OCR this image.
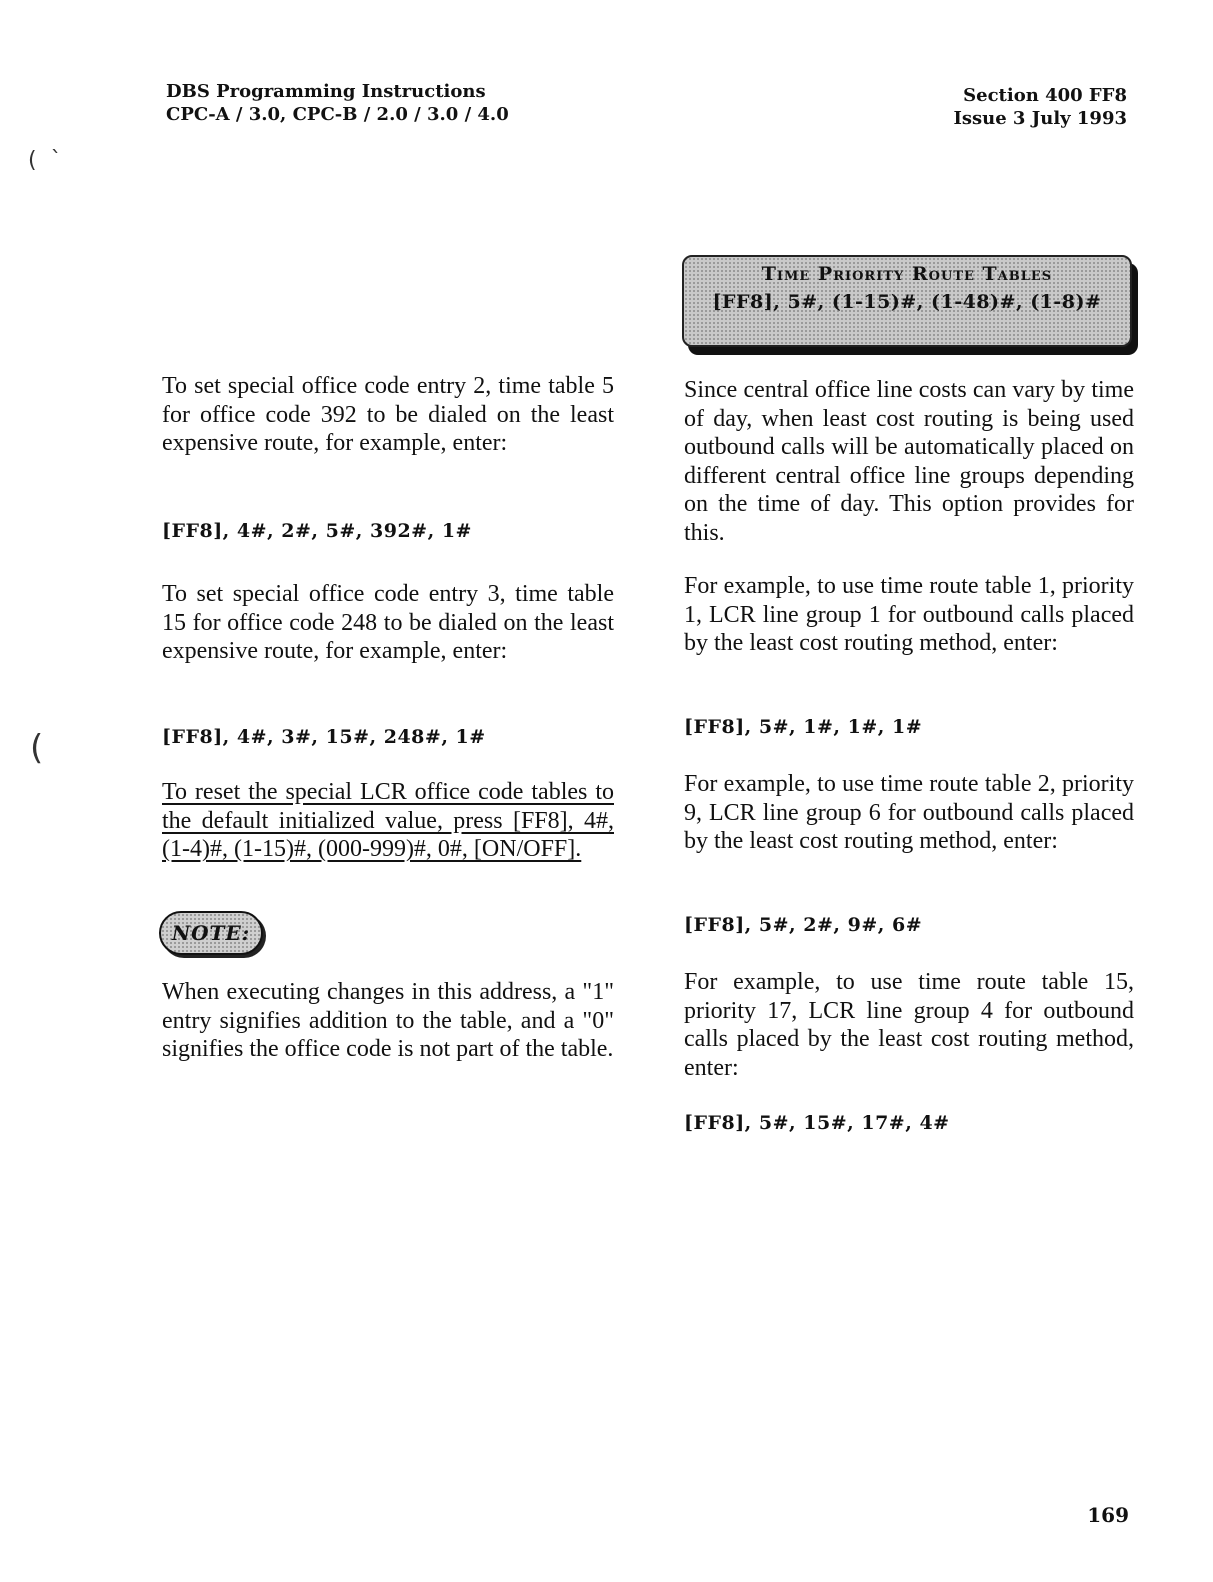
DBS Programming Instructions
CPC-A / 3.0, CPC-B / 2.0 / 3.0 / 4.0
Section 400 FF8
Issue 3 July 1993
(  `
(
Time Priority Route Tables
[FF8], 5#, (1-15)#, (1-48)#, (1-8)#

To set special office code entry 2, time table 5 for office code 392 to be dialed on the least expensive route, for example, enter:

[FF8], 4#, 2#, 5#, 392#, 1#

To set special office code entry 3, time table 15 for office code 248 to be dialed on the least expensive route, for example, enter:

[FF8], 4#, 3#, 15#, 248#, 1#

To reset the special LCR office code tables to the default initialized value, press [FF8], 4#, (1-4)#, (1-15)#, (000-999)#, 0#, [ON/OFF].

NOTE:

When executing changes in this address, a "1" entry signifies addition to the table, and a "0" signifies the office code is not part of the table.

Since central office line costs can vary by time of day, when least cost routing is being used outbound calls will be automatically placed on different central office line groups depending on the time of day. This option provides for this.

For example, to use time route table 1, priority 1, LCR line group 1 for outbound calls placed by the least cost routing method, enter:

[FF8], 5#, 1#, 1#, 1#

For example, to use time route table 2, priority 9, LCR line group 6 for outbound calls placed by the least cost routing method, enter:

[FF8], 5#, 2#, 9#, 6#

For example, to use time route table 15, priority 17, LCR line group 4 for outbound calls placed by the least cost routing method, enter:

[FF8], 5#, 15#, 17#, 4#
169
